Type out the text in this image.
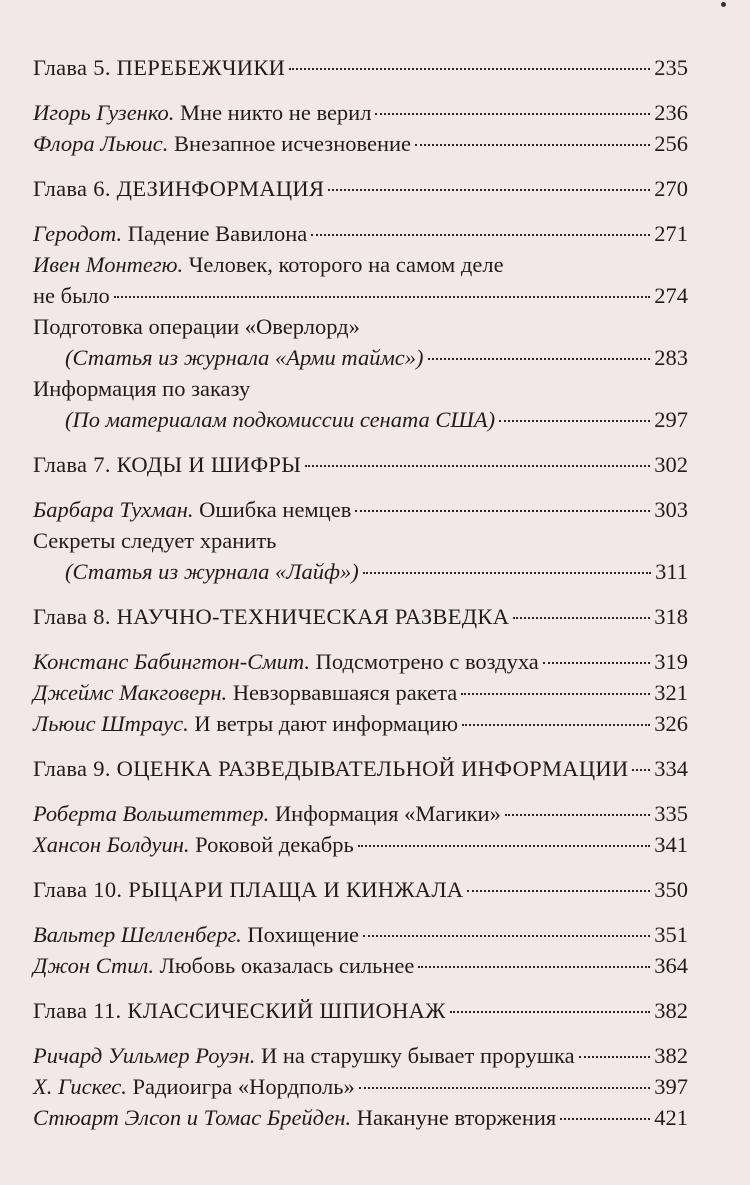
Глава 5. ПЕРЕБЕЖЧИКИ	235
Игорь Гузенко. Мне никто не верил	236
Флора Льюис. Внезапное исчезновение	256
Глава 6. ДЕЗИНФОРМАЦИЯ	270
Геродот. Падение Вавилона	271
Ивен Монтегю. Человек, которого на самом деле
не было	274
Подготовка операции «Оверлорд»
(Статья из журнала «Арми таймс»)	283
Информация по заказу
(По материалам подкомиссии сената США)	297
Глава 7. КОДЫ И ШИФРЫ	302
Барбара Тухман. Ошибка немцев	303
Секреты следует хранить
(Статья из журнала «Лайф»)	311
Глава 8. НАУЧНО-ТЕХНИЧЕСКАЯ РАЗВЕДКА	318
Констанс Бабингтон-Смит. Подсмотрено с воздуха	319
Джеймс Макговерн. Невзорвавшаяся ракета	321
Льюис Штраус. И ветры дают информацию	326
Глава 9. ОЦЕНКА РАЗВЕДЫВАТЕЛЬНОЙ ИНФОРМАЦИИ 334
Роберта Вольштеттер. Информация «Магики»	335
Хансон Болдуин. Роковой декабрь	341
Глава 10. РЫЦАРИ ПЛАЩА И КИНЖАЛА	350
Вальтер Шелленберг. Похищение	351
Джон Стил. Любовь оказалась сильнее	364
Глава 11. КЛАССИЧЕСКИЙ ШПИОНАЖ	382
Ричард Уильмер Роуэн. И на старушку бывает прорушка	382
Х. Гискес. Радиоигра «Нордполь»	397
Стюарт Элсоп и Томас Брейден. Накануне вторжения	421
